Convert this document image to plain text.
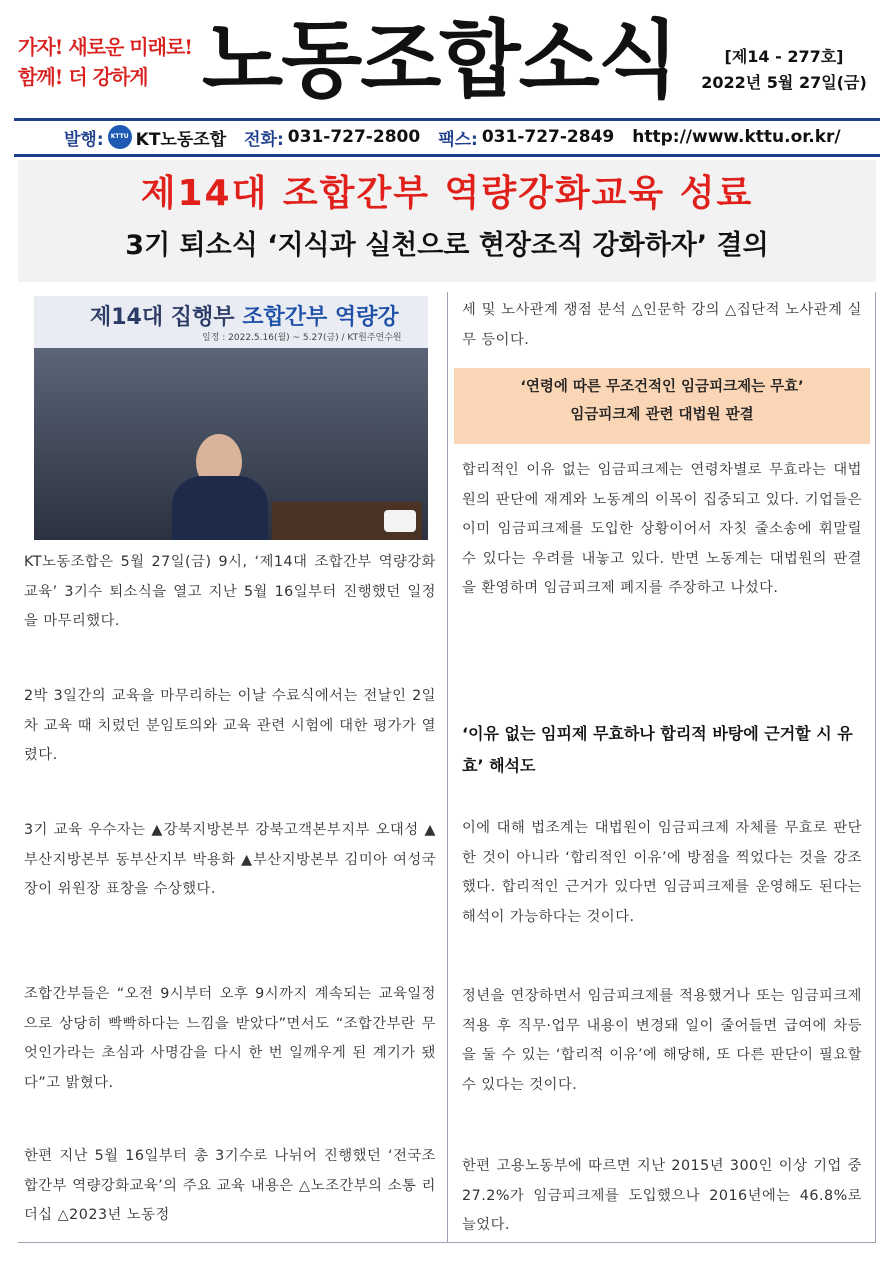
가자! 새로운 미래로!
함께! 더 강하게 노동조합소식	[제14 - 277호]
2022년 5월 27일(금)
발행:	KTTU KT노동조합 전화: 031-727-2800 팩스: 031-727-2849 http://www.kttu.or.kr/
제14대 조합간부 역량강화교육 성료
3기 퇴소식 ‘지식과 실천으로 현장조직 강화하자’ 결의
제14대 집행부 조합간부 역량강
일정 : 2022.5.16(월) ~ 5.27(금) / KT원주연수원

KT노동조합은 5월 27일(금) 9시, ‘제14대 조합간부 역량강화교육’ 3기수 퇴소식을 열고 지난 5월 16일부터 진행했던 일정을 마무리했다.

2박 3일간의 교육을 마무리하는 이날 수료식에서는 전날인 2일차 교육 때 치렀던 분임토의와 교육 관련 시험에 대한 평가가 열렸다.

3기 교육 우수자는 ▲강북지방본부 강북고객본부지부 오대성 ▲부산지방본부 동부산지부 박용화 ▲부산지방본부 김미아 여성국장이 위원장 표창을 수상했다.

조합간부들은 “오전 9시부터 오후 9시까지 계속되는 교육일정으로 상당히 빡빡하다는 느낌을 받았다”면서도 “조합간부란 무엇인가라는 초심과 사명감을 다시 한 번 일깨우게 된 계기가 됐다”고 밝혔다.

한편 지난 5월 16일부터 총 3기수로 나뉘어 진행했던 ‘전국조합간부 역량강화교육’의 주요 교육 내용은 △노조간부의 소통 리더십 △2023년 노동정

세 및 노사관계 쟁점 분석 △인문학 강의 △집단적 노사관계 실무 등이다.

‘연령에 따른 무조건적인 임금피크제는 무효’
임금피크제 관련 대법원 판결

합리적인 이유 없는 임금피크제는 연령차별로 무효라는 대법원의 판단에 재계와 노동계의 이목이 집중되고 있다. 기업들은 이미 임금피크제를 도입한 상황이어서 자칫 줄소송에 휘말릴 수 있다는 우려를 내놓고 있다. 반면 노동계는 대법원의 판결을 환영하며 임금피크제 폐지를 주장하고 나섰다.

‘이유 없는 임피제 무효하나 합리적 바탕에 근거할 시 유효’ 해석도

이에 대해 법조계는 대법원이 임금피크제 자체를 무효로 판단한 것이 아니라 ‘합리적인 이유’에 방점을 찍었다는 것을 강조했다. 합리적인 근거가 있다면 임금피크제를 운영해도 된다는 해석이 가능하다는 것이다.

정년을 연장하면서 임금피크제를 적용했거나 또는 임금피크제 적용 후 직무·업무 내용이 변경돼 일이 줄어들면 급여에 차등을 둘 수 있는 ‘합리적 이유’에 해당해, 또 다른 판단이 필요할 수 있다는 것이다.

한편 고용노동부에 따르면 지난 2015년 300인 이상 기업 중 27.2%가 임금피크제를 도입했으나 2016년에는 46.8%로 늘었다.
